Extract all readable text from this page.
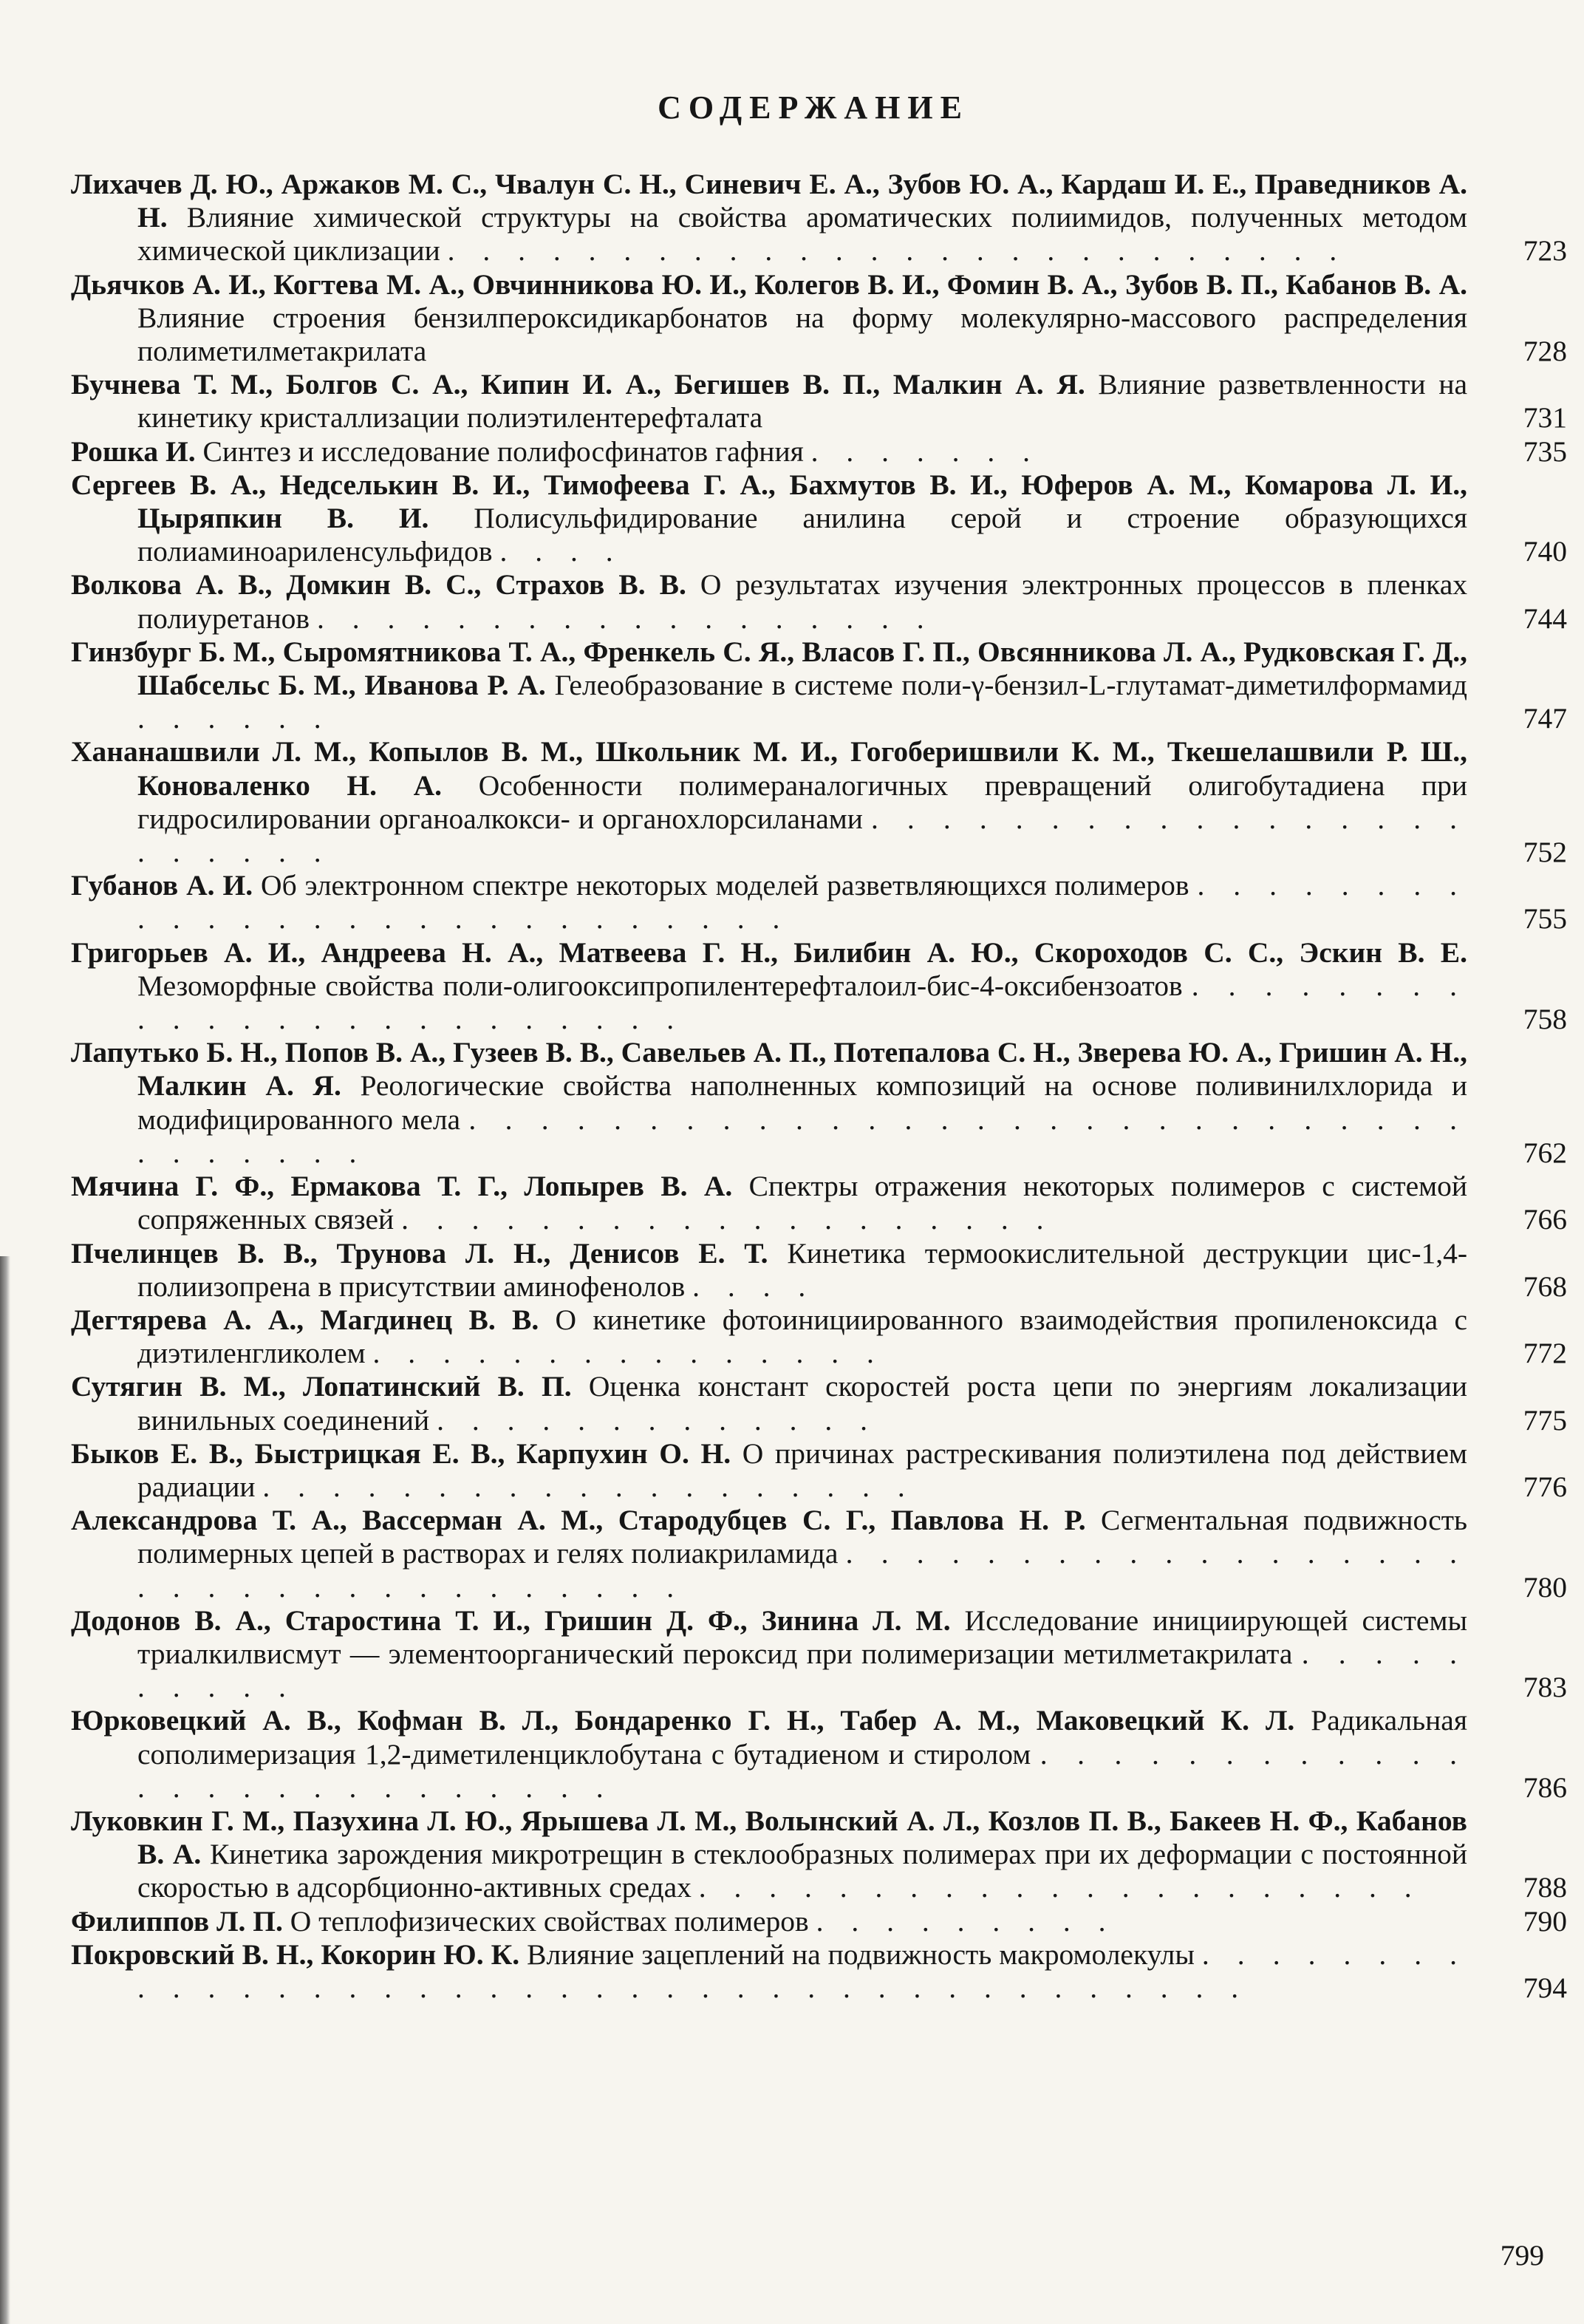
СОДЕРЖАНИЕ

Лихачев Д. Ю., Аржаков М. С., Чвалун С. Н., Синевич Е. А., Зубов Ю. А., Кардаш И. Е., Праведников А. Н. Влияние химической структуры на свойства ароматических полиимидов, полученных методом химической циклизации . . . . . . . . . . . . . . . . . . . . . . . . . .	723

Дьячков А. И., Когтева М. А., Овчинникова Ю. И., Колегов В. И., Фомин В. А., Зубов В. П., Кабанов В. А. Влияние строения бензилпероксидикарбонатов на форму молекулярно-массового распределения полиметилметакрилата	728

Бучнева Т. М., Болгов С. А., Кипин И. А., Бегишев В. П., Малкин А. Я. Влияние разветвленности на кинетику кристаллизации полиэтилентерефталата	731

Рошка И. Синтез и исследование полифосфинатов гафния . . . . . . .	735

Сергеев В. А., Недселькин В. И., Тимофеева Г. А., Бахмутов В. И., Юферов А. М., Комарова Л. И., Цыряпкин В. И. Полисульфидирование анилина серой и строение образующихся полиаминоариленсульфидов . . . .	740

Волкова А. В., Домкин В. С., Страхов В. В. О результатах изучения электронных процессов в пленках полиуретанов . . . . . . . . . . . . . . . . . .	744

Гинзбург Б. М., Сыромятникова Т. А., Френкель С. Я., Власов Г. П., Овсянникова Л. А., Рудковская Г. Д., Шабсельс Б. М., Иванова Р. А. Гелеобразование в системе поли-γ-бензил-L-глутамат-диметилформамид . . . . . .	747

Хананашвили Л. М., Копылов В. М., Школьник М. И., Гогоберишвили К. М., Ткешелашвили Р. Ш., Коноваленко Н. А. Особенности полимераналогичных превращений олигобутадиена при гидросилировании органоалкокси- и органохлорсиланами . . . . . . . . . . . . . . . . . . . . . . .	752

Губанов А. И. Об электронном спектре некоторых моделей разветвляющихся полимеров . . . . . . . . . . . . . . . . . . . . . . . . . . .	755

Григорьев А. И., Андреева Н. А., Матвеева Г. Н., Билибин А. Ю., Скороходов С. С., Эскин В. Е. Мезоморфные свойства поли-олигооксипропилентерефталоил-бис-4-оксибензоатов . . . . . . . . . . . . . . . . . . . . . . . .	758

Лапутько Б. Н., Попов В. А., Гузеев В. В., Савельев А. П., Потепалова С. Н., Зверева Ю. А., Гришин А. Н., Малкин А. Я. Реологические свойства наполненных композиций на основе поливинилхлорида и модифицированного мела . . . . . . . . . . . . . . . . . . . . . . . . . . . . . . . . . . .	762

Мячина Г. Ф., Ермакова Т. Г., Лопырев В. А. Спектры отражения некоторых полимеров с системой сопряженных связей . . . . . . . . . . . . . . . . . . .	766

Пчелинцев В. В., Трунова Л. Н., Денисов Е. Т. Кинетика термоокислительной деструкции цис-1,4-полиизопрена в присутствии аминофенолов . . . .	768

Дегтярева А. А., Магдинец В. В. О кинетике фотоинициированного взаимодействия пропиленоксида с диэтиленгликолем . . . . . . . . . . . . . . .	772

Сутягин В. М., Лопатинский В. П. Оценка констант скоростей роста цепи по энергиям локализации винильных соединений . . . . . . . . . . . . .	775

Быков Е. В., Быстрицкая Е. В., Карпухин О. Н. О причинах растрескивания полиэтилена под действием радиации . . . . . . . . . . . . . . . . . . .	776

Александрова Т. А., Вассерман А. М., Стародубцев С. Г., Павлова Н. Р. Сегментальная подвижность полимерных цепей в растворах и гелях полиакриламида . . . . . . . . . . . . . . . . . . . . . . . . . . . . . . . . . .	780

Додонов В. А., Старостина Т. И., Гришин Д. Ф., Зинина Л. М. Исследование инициирующей системы триалкилвисмут — элементоорганический пероксид при полимеризации метилметакрилата . . . . . . . . . .	783

Юрковецкий А. В., Кофман В. Л., Бондаренко Г. Н., Табер А. М., Маковецкий К. Л. Радикальная сополимеризация 1,2-диметиленциклобутана с бутадиеном и стиролом . . . . . . . . . . . . . . . . . . . . . . . . . .	786

Луковкин Г. М., Пазухина Л. Ю., Ярышева Л. М., Волынский А. Л., Козлов П. В., Бакеев Н. Ф., Кабанов В. А. Кинетика зарождения микротрещин в стеклообразных полимерах при их деформации с постоянной скоростью в адсорбционно-активных средах . . . . . . . . . . . . . . . . . . . . .	788

Филиппов Л. П. О теплофизических свойствах полимеров . . . . . . . . .	790

Покровский В. Н., Кокорин Ю. К. Влияние зацеплений на подвижность макромолекулы . . . . . . . . . . . . . . . . . . . . . . . . . . . . . . . . . . . . . . . .	794

799
